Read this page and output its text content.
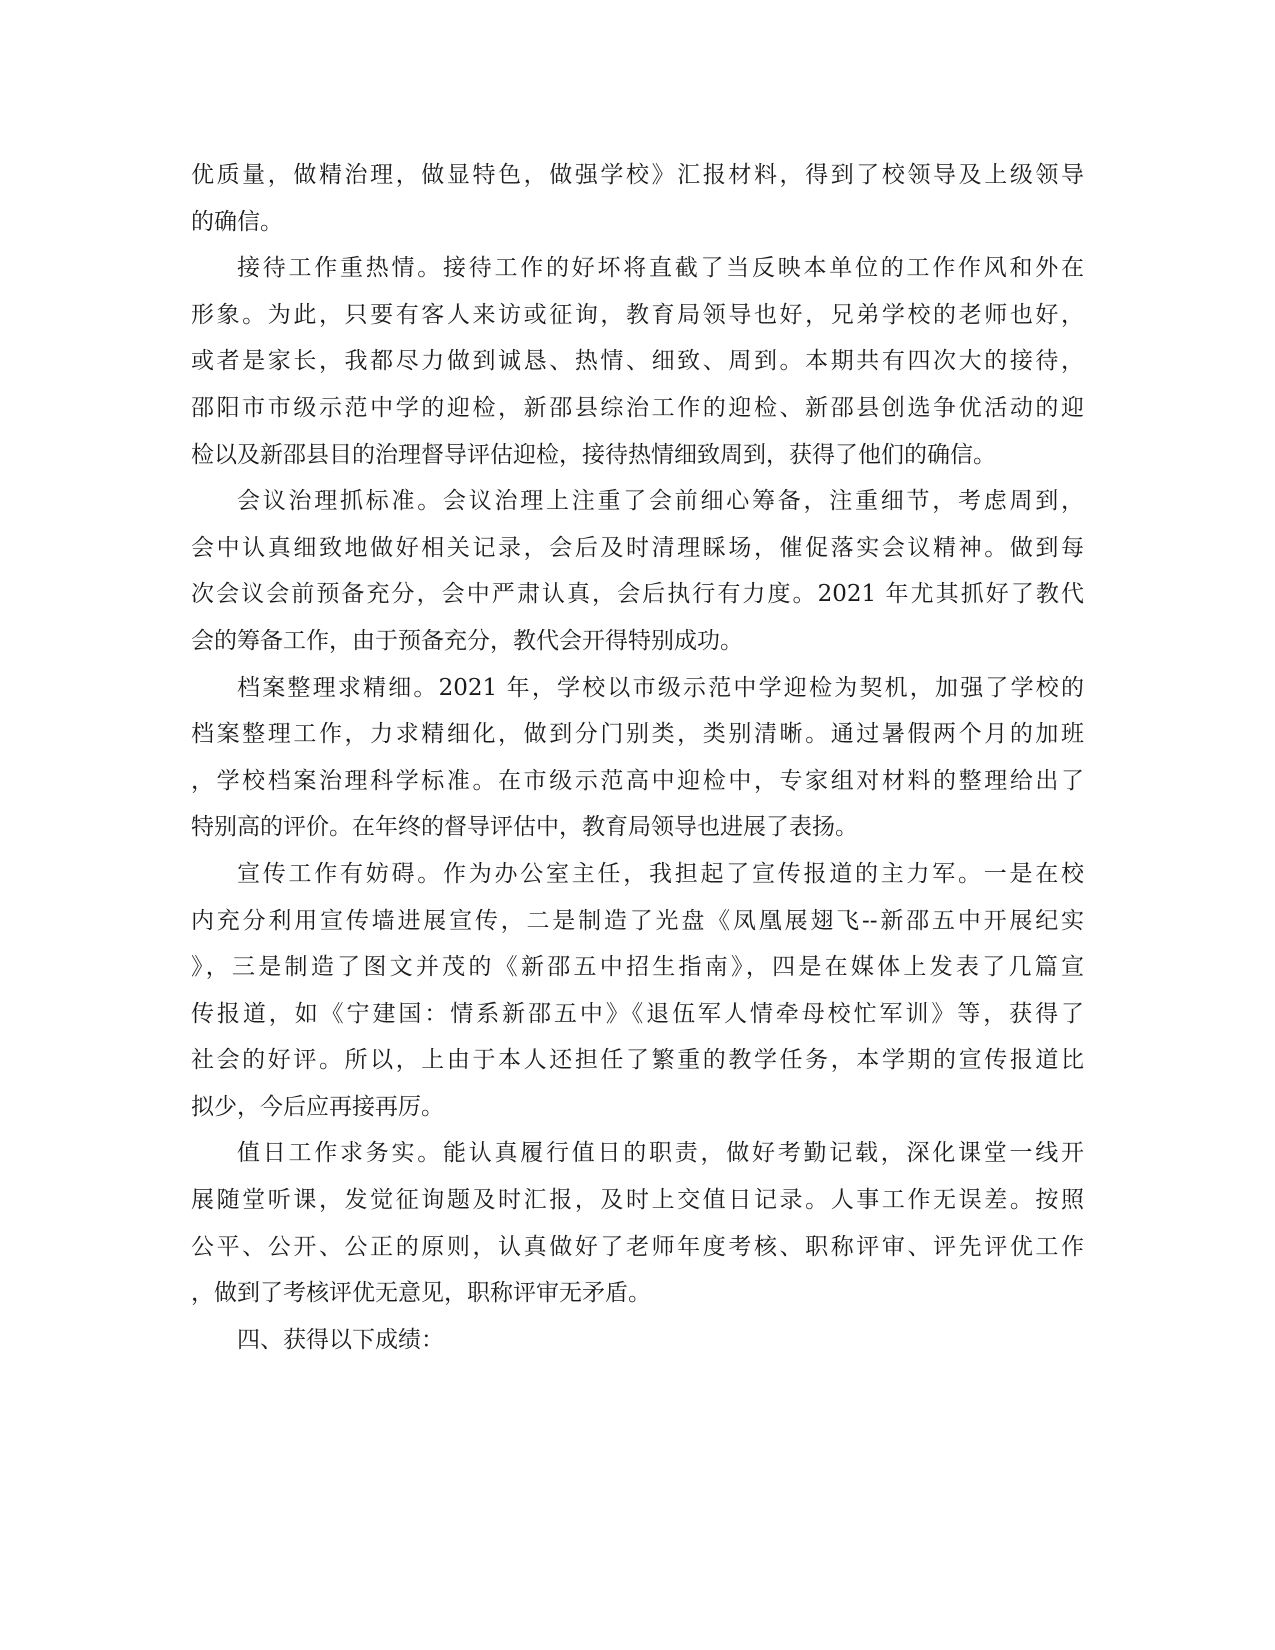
优质量，做精治理，做显特色，做强学校》汇报材料，得到了校领导及上级领导
的确信。
接待工作重热情。接待工作的好坏将直截了当反映本单位的工作作风和外在
形象。为此，只要有客人来访或征询，教育局领导也好，兄弟学校的老师也好，
或者是家长，我都尽力做到诚恳、热情、细致、周到。本期共有四次大的接待，
邵阳市市级示范中学的迎检，新邵县综治工作的迎检、新邵县创选争优活动的迎
检以及新邵县目的治理督导评估迎检，接待热情细致周到，获得了他们的确信。
会议治理抓标准。会议治理上注重了会前细心筹备，注重细节，考虑周到，
会中认真细致地做好相关记录，会后及时清理睬场，催促落实会议精神。做到每
次会议会前预备充分，会中严肃认真，会后执行有力度。2021 年尤其抓好了教代
会的筹备工作，由于预备充分，教代会开得特别成功。
档案整理求精细。2021 年，学校以市级示范中学迎检为契机，加强了学校的
档案整理工作，力求精细化，做到分门别类，类别清晰。通过暑假两个月的加班
，学校档案治理科学标准。在市级示范高中迎检中，专家组对材料的整理给出了
特别高的评价。在年终的督导评估中，教育局领导也进展了表扬。
宣传工作有妨碍。作为办公室主任，我担起了宣传报道的主力军。一是在校
内充分利用宣传墙进展宣传，二是制造了光盘《凤凰展翅飞--新邵五中开展纪实
》，三是制造了图文并茂的《新邵五中招生指南》，四是在媒体上发表了几篇宣
传报道，如《宁建国：情系新邵五中》《退伍军人情牵母校忙军训》等，获得了
社会的好评。所以，上由于本人还担任了繁重的教学任务，本学期的宣传报道比
拟少，今后应再接再厉。
值日工作求务实。能认真履行值日的职责，做好考勤记载，深化课堂一线开
展随堂听课，发觉征询题及时汇报，及时上交值日记录。人事工作无误差。按照
公平、公开、公正的原则，认真做好了老师年度考核、职称评审、评先评优工作
，做到了考核评优无意见，职称评审无矛盾。
四、获得以下成绩：
